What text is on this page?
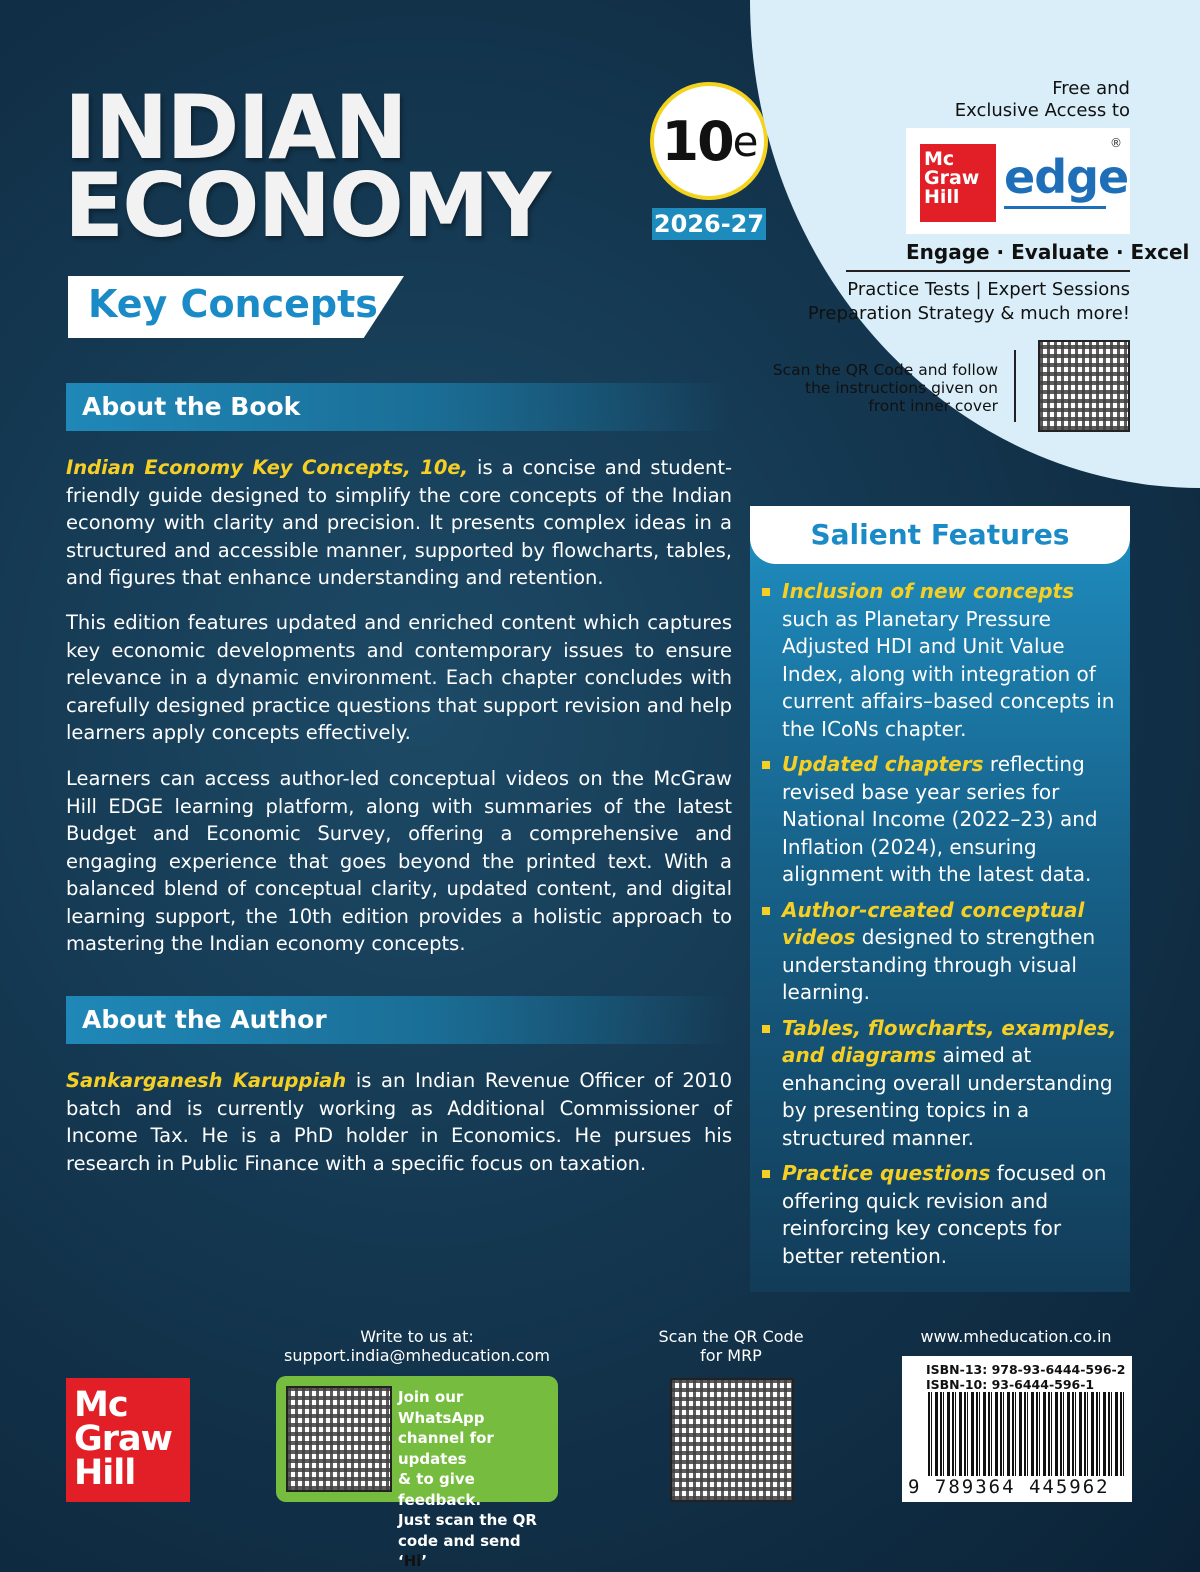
INDIAN
ECONOMY
10 e
2026-27
Key Concepts
Free and
Exclusive Access to
Mc
Graw
Hill edge
®
Engage · Evaluate · Excel
Practice Tests | Expert Sessions
Preparation Strategy & much more!
Scan the QR Code and follow
the instructions given on
front inner cover
About the Book
Indian Economy Key Concepts, 10e, is a concise and student-friendly guide designed to simplify the core concepts of the Indian economy with clarity and precision. It presents complex ideas in a structured and accessible manner, supported by flowcharts, tables, and figures that enhance understanding and retention.
This edition features updated and enriched content which captures key economic developments and contemporary issues to ensure relevance in a dynamic environment. Each chapter concludes with carefully designed practice questions that support revision and help learners apply concepts effectively.
Learners can access author-led conceptual videos on the McGraw Hill EDGE learning platform, along with summaries of the latest Budget and Economic Survey, offering a comprehensive and engaging experience that goes beyond the printed text. With a balanced blend of conceptual clarity, updated content, and digital learning support, the 10th edition provides a holistic approach to mastering the Indian economy concepts.
About the Author
Sankarganesh Karuppiah is an Indian Revenue Officer of 2010 batch and is currently working as Additional Commissioner of Income Tax. He is a PhD holder in Economics. He pursues his research in Public Finance with a specific focus on taxation.
Salient Features
Inclusion of new concepts such as Planetary Pressure Adjusted HDI and Unit Value Index, along with integration of current affairs–based concepts in the ICoNs chapter.
Updated chapters reflecting revised base year series for National Income (2022–23) and Inflation (2024), ensuring alignment with the latest data.
Author-created conceptual videos designed to strengthen understanding through visual learning.
Tables, flowcharts, examples, and diagrams aimed at enhancing overall understanding by presenting topics in a structured manner.
Practice questions focused on offering quick revision and reinforcing key concepts for better retention.
Mc
Graw
Hill
Write to us at:
support.india@mheducation.com
Join our WhatsApp
channel for updates
& to give feedback.
Just scan the QR
code and send ‘Hi’
Scan the QR Code
for MRP
www.mheducation.co.in
ISBN-13: 978-93-6444-596-2
ISBN-10: 93-6444-596-1
9 789364 445962
